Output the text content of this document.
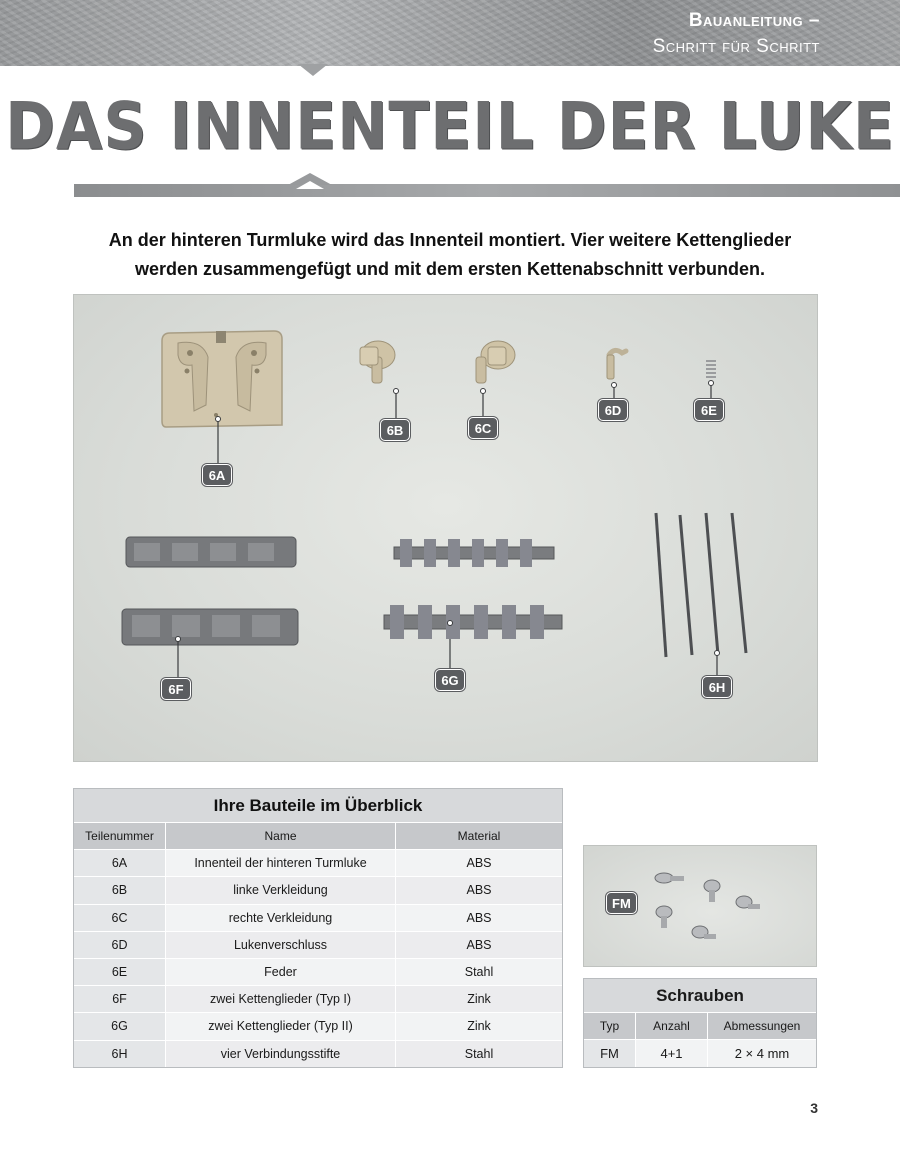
Bauanleitung –
Schritt für Schritt
DAS INNENTEIL DER LUKE

An der hinteren Turmluke wird das Innenteil montiert. Vier weitere Kettenglieder
werden zusammengefügt und mit dem ersten Kettenabschnitt verbunden.

6A
6B	6C
6D	6E
6F
6G	6H
Ihre Bauteile im Überblick
Teilenummer	Name	Material
6A	Innenteil der hinteren Turmluke	ABS
6B	linke Verkleidung	ABS
6C	rechte Verkleidung	ABS
6D	Lukenverschluss	ABS
6E	Feder	Stahl
6F	zwei Kettenglieder (Typ I)	Zink
6G	zwei Kettenglieder (Typ II)	Zink
6H	vier Verbindungsstifte	Stahl
FM
Schrauben
Typ	Anzahl	Abmessungen
FM	4+1	2 × 4 mm
3
